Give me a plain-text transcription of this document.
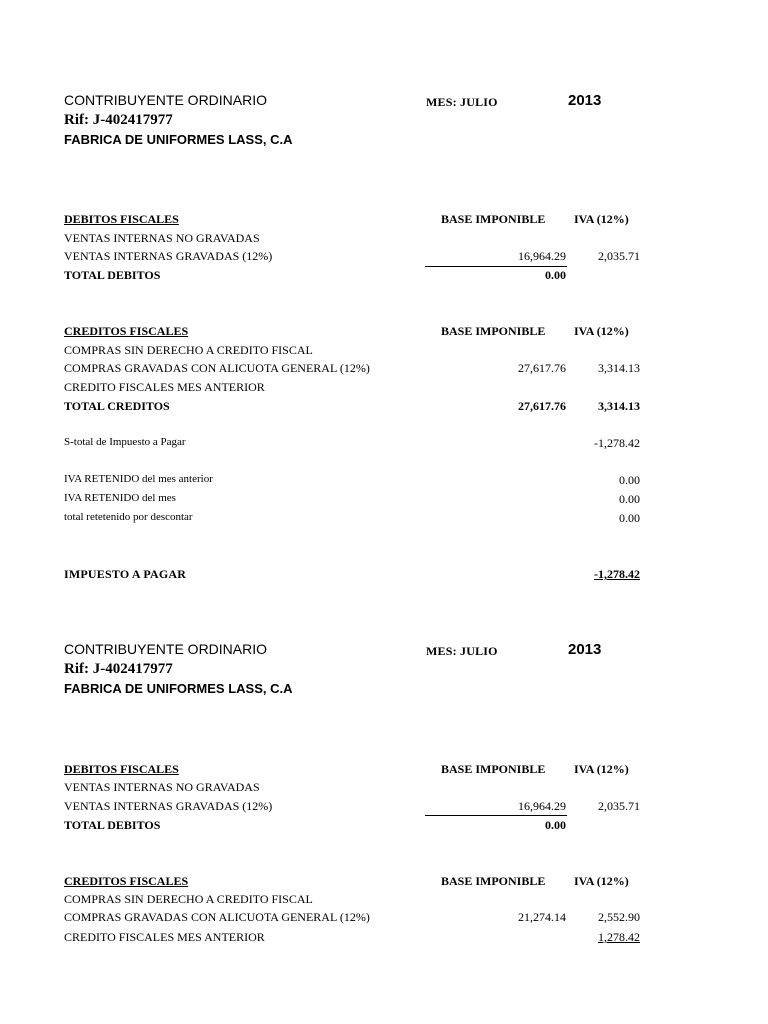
CONTRIBUYENTE ORDINARIO	MES: JULIO	2013
Rif: J-402417977
FABRICA DE UNIFORMES LASS, C.A
DEBITOS FISCALES	BASE IMPONIBLE IVA (12%)
VENTAS INTERNAS NO GRAVADAS
VENTAS INTERNAS GRAVADAS (12%)	16,964.29	2,035.71
TOTAL DEBITOS	0.00
CREDITOS FISCALES	BASE IMPONIBLE IVA (12%)
COMPRAS SIN DERECHO A CREDITO FISCAL
COMPRAS GRAVADAS CON ALICUOTA GENERAL (12%)	27,617.76	3,314.13
CREDITO FISCALES MES ANTERIOR
TOTAL CREDITOS	27,617.76	3,314.13
S-total de Impuesto a Pagar	-1,278.42
IVA RETENIDO del mes anterior	0.00
IVA RETENIDO del mes	0.00
total retetenido por descontar	0.00
IMPUESTO A PAGAR	-1,278.42
CONTRIBUYENTE ORDINARIO	MES: JULIO	2013
Rif: J-402417977
FABRICA DE UNIFORMES LASS, C.A
DEBITOS FISCALES	BASE IMPONIBLE IVA (12%)
VENTAS INTERNAS NO GRAVADAS
VENTAS INTERNAS GRAVADAS (12%)	16,964.29	2,035.71
TOTAL DEBITOS	0.00
CREDITOS FISCALES	BASE IMPONIBLE IVA (12%)
COMPRAS SIN DERECHO A CREDITO FISCAL
COMPRAS GRAVADAS CON ALICUOTA GENERAL (12%)	21,274.14	2,552.90
CREDITO FISCALES MES ANTERIOR	1,278.42
